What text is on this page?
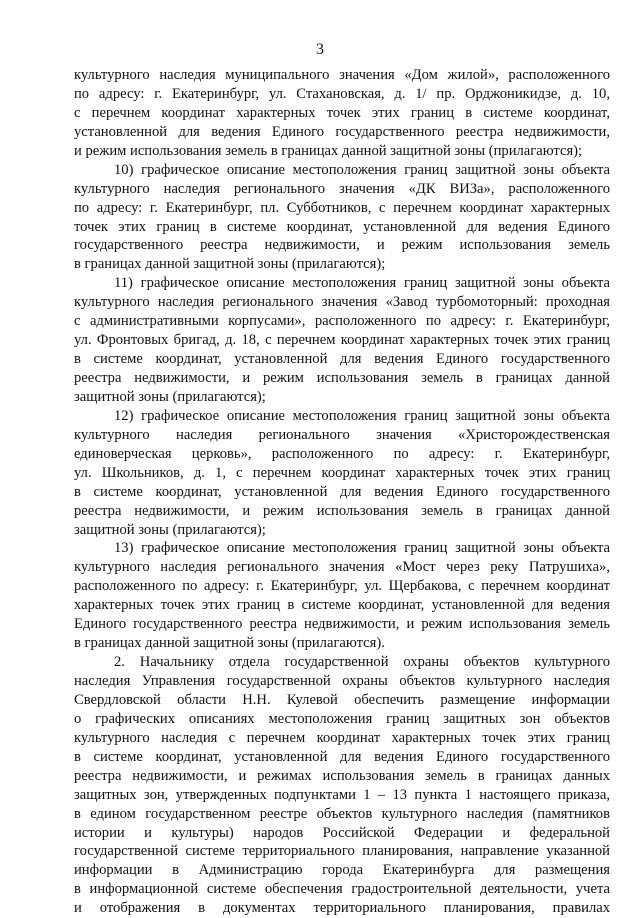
3
культурного наследия муниципального значения «Дом жилой», расположенного
по адресу: г. Екатеринбург, ул. Стахановская, д. 1/ пр. Орджоникидзе, д. 10,
с перечнем координат характерных точек этих границ в системе координат,
установленной для ведения Единого государственного реестра недвижимости,
и режим использования земель в границах данной защитной зоны (прилагаются);
10) графическое описание местоположения границ защитной зоны объекта
культурного наследия регионального значения «ДК ВИЗа», расположенного
по адресу: г. Екатеринбург, пл. Субботников, с перечнем координат характерных
точек этих границ в системе координат, установленной для ведения Единого
государственного реестра недвижимости, и режим использования земель
в границах данной защитной зоны (прилагаются);
11) графическое описание местоположения границ защитной зоны объекта
культурного наследия регионального значения «Завод турбомоторный: проходная
с административными корпусами», расположенного по адресу: г. Екатеринбург,
ул. Фронтовых бригад, д. 18, с перечнем координат характерных точек этих границ
в системе координат, установленной для ведения Единого государственного
реестра недвижимости, и режим использования земель в границах данной
защитной зоны (прилагаются);
12) графическое описание местоположения границ защитной зоны объекта
культурного наследия регионального значения «Христорождественская
единоверческая церковь», расположенного по адресу: г. Екатеринбург,
ул. Школьников, д. 1, с перечнем координат характерных точек этих границ
в системе координат, установленной для ведения Единого государственного
реестра недвижимости, и режим использования земель в границах данной
защитной зоны (прилагаются);
13) графическое описание местоположения границ защитной зоны объекта
культурного наследия регионального значения «Мост через реку Патрушиха»,
расположенного по адресу: г. Екатеринбург, ул. Щербакова, с перечнем координат
характерных точек этих границ в системе координат, установленной для ведения
Единого государственного реестра недвижимости, и режим использования земель
в границах данной защитной зоны (прилагаются).
2. Начальнику отдела государственной охраны объектов культурного
наследия Управления государственной охраны объектов культурного наследия
Свердловской области Н.Н. Кулевой обеспечить размещение информации
о графических описаниях местоположения границ защитных зон объектов
культурного наследия с перечнем координат характерных точек этих границ
в системе координат, установленной для ведения Единого государственного
реестра недвижимости, и режимах использования земель в границах данных
защитных зон, утвержденных подпунктами 1 – 13 пункта 1 настоящего приказа,
в едином государственном реестре объектов культурного наследия (памятников
истории и культуры) народов Российской Федерации и федеральной
государственной системе территориального планирования, направление указанной
информации в Администрацию города Екатеринбурга для размещения
в информационной системе обеспечения градостроительной деятельности, учета
и отображения в документах территориального планирования, правилах
